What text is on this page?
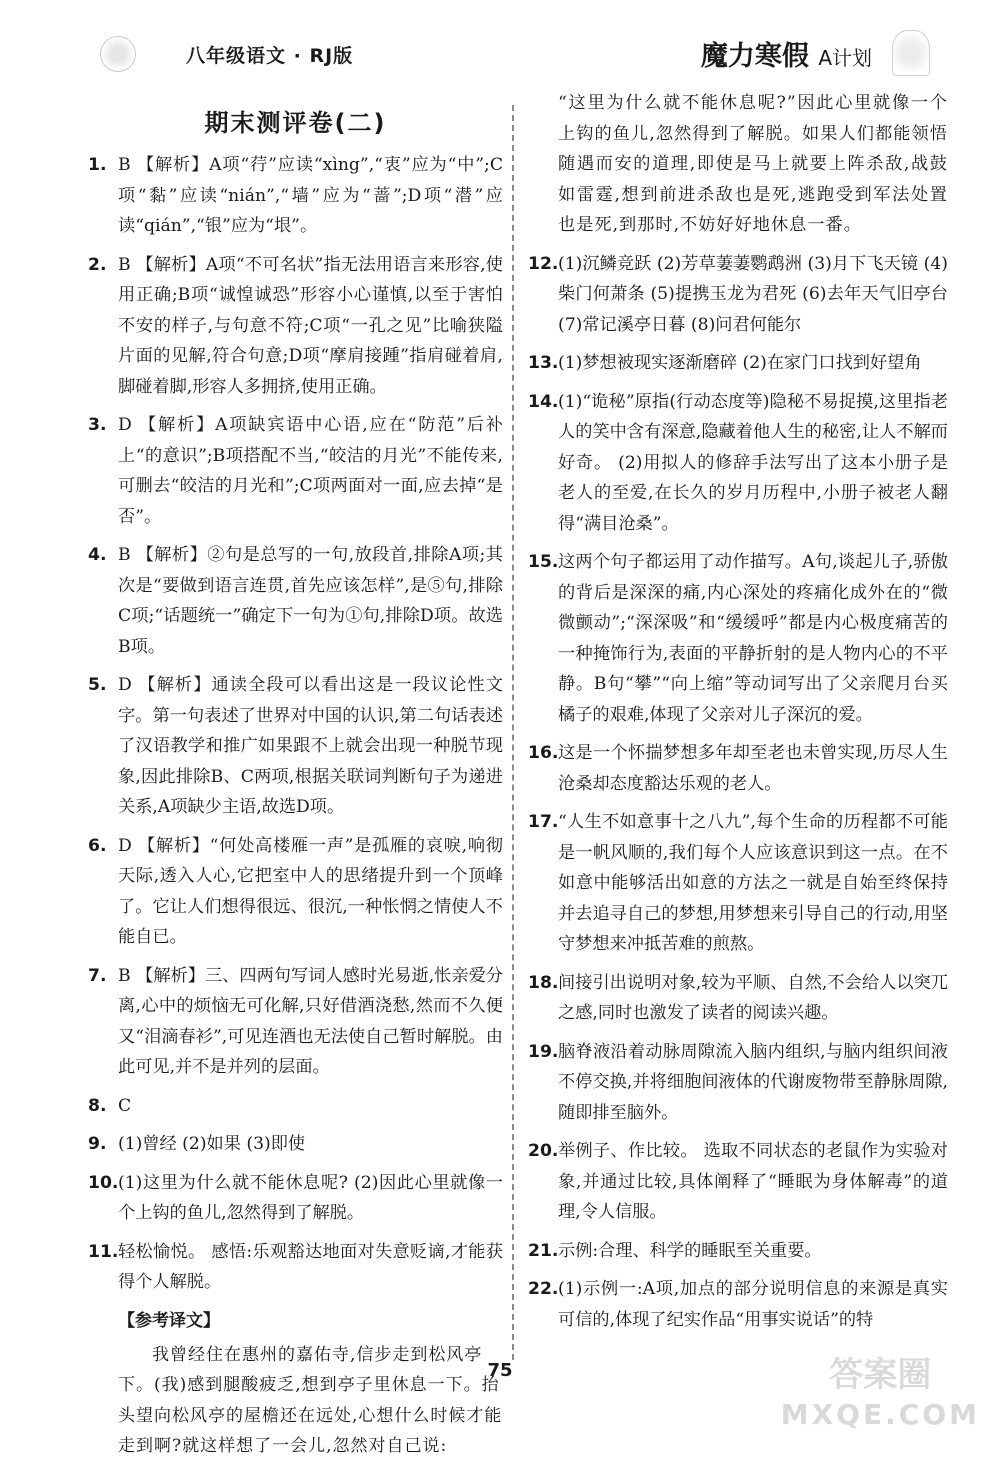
八年级语文 · RJ版	魔力寒假 A计划
期末测评卷(二)
1. B 【解析】A项“荇”应读“xìng”,“衷”应为“中”;C项“黏”应读“nián”,“墙”应为“蔷”;D项“潜”应读“qián”,“银”应为“垠”。
2. B 【解析】A项“不可名状”指无法用语言来形容,使用正确;B项“诚惶诚恐”形容小心谨慎,以至于害怕不安的样子,与句意不符;C项“一孔之见”比喻狭隘片面的见解,符合句意;D项“摩肩接踵”指肩碰着肩,脚碰着脚,形容人多拥挤,使用正确。
3. D 【解析】A项缺宾语中心语,应在“防范”后补上“的意识”;B项搭配不当,“皎洁的月光”不能传来,可删去“皎洁的月光和”;C项两面对一面,应去掉“是否”。
4. B 【解析】②句是总写的一句,放段首,排除A项;其次是“要做到语言连贯,首先应该怎样”,是⑤句,排除C项;“话题统一”确定下一句为①句,排除D项。故选B项。
5. D 【解析】通读全段可以看出这是一段议论性文字。第一句表述了世界对中国的认识,第二句话表述了汉语教学和推广如果跟不上就会出现一种脱节现象,因此排除B、C两项,根据关联词判断句子为递进关系,A项缺少主语,故选D项。
6. D 【解析】“何处高楼雁一声”是孤雁的哀唳,响彻天际,透入人心,它把室中人的思绪提升到一个顶峰了。它让人们想得很远、很沉,一种怅惘之情使人不能自已。
7. B 【解析】三、四两句写词人感时光易逝,怅亲爱分离,心中的烦恼无可化解,只好借酒浇愁,然而不久便又“泪滴春衫”,可见连酒也无法使自己暂时解脱。由此可见,并不是并列的层面。
8. C
9. (1)曾经 (2)如果 (3)即使
10. (1)这里为什么就不能休息呢? (2)因此心里就像一个上钩的鱼儿,忽然得到了解脱。
11. 轻松愉悦。 感悟:乐观豁达地面对失意贬谪,才能获得个人解脱。
【参考译文】
我曾经住在惠州的嘉佑寺,信步走到松风亭下。(我)感到腿酸疲乏,想到亭子里休息一下。抬头望向松风亭的屋檐还在远处,心想什么时候才能走到啊?就这样想了一会儿,忽然对自己说:
“这里为什么就不能休息呢?”因此心里就像一个上钩的鱼儿,忽然得到了解脱。如果人们都能领悟随遇而安的道理,即使是马上就要上阵杀敌,战鼓如雷霆,想到前进杀敌也是死,逃跑受到军法处置也是死,到那时,不妨好好地休息一番。
12. (1)沉鳞竞跃 (2)芳草萋萋鹦鹉洲 (3)月下飞天镜 (4)柴门何萧条 (5)提携玉龙为君死 (6)去年天气旧亭台 (7)常记溪亭日暮 (8)问君何能尔
13. (1)梦想被现实逐渐磨碎 (2)在家门口找到好望角
14. (1)“诡秘”原指(行动态度等)隐秘不易捉摸,这里指老人的笑中含有深意,隐藏着他人生的秘密,让人不解而好奇。 (2)用拟人的修辞手法写出了这本小册子是老人的至爱,在长久的岁月历程中,小册子被老人翻得“满目沧桑”。
15. 这两个句子都运用了动作描写。A句,谈起儿子,骄傲的背后是深深的痛,内心深处的疼痛化成外在的“微微颤动”;“深深吸”和“缓缓呼”都是内心极度痛苦的一种掩饰行为,表面的平静折射的是人物内心的不平静。B句“攀”“向上缩”等动词写出了父亲爬月台买橘子的艰难,体现了父亲对儿子深沉的爱。
16. 这是一个怀揣梦想多年却至老也未曾实现,历尽人生沧桑却态度豁达乐观的老人。
17. “人生不如意事十之八九”,每个生命的历程都不可能是一帆风顺的,我们每个人应该意识到这一点。在不如意中能够活出如意的方法之一就是自始至终保持并去追寻自己的梦想,用梦想来引导自己的行动,用坚守梦想来冲抵苦难的煎熬。
18. 间接引出说明对象,较为平顺、自然,不会给人以突兀之感,同时也激发了读者的阅读兴趣。
19. 脑脊液沿着动脉周隙流入脑内组织,与脑内组织间液不停交换,并将细胞间液体的代谢废物带至静脉周隙,随即排至脑外。
20. 举例子、作比较。 选取不同状态的老鼠作为实验对象,并通过比较,具体阐释了“睡眠为身体解毒”的道理,令人信服。
21. 示例:合理、科学的睡眠至关重要。
22. (1)示例一:A项,加点的部分说明信息的来源是真实可信的,体现了纪实作品“用事实说话”的特
75	答案圈
MXQE.COM
